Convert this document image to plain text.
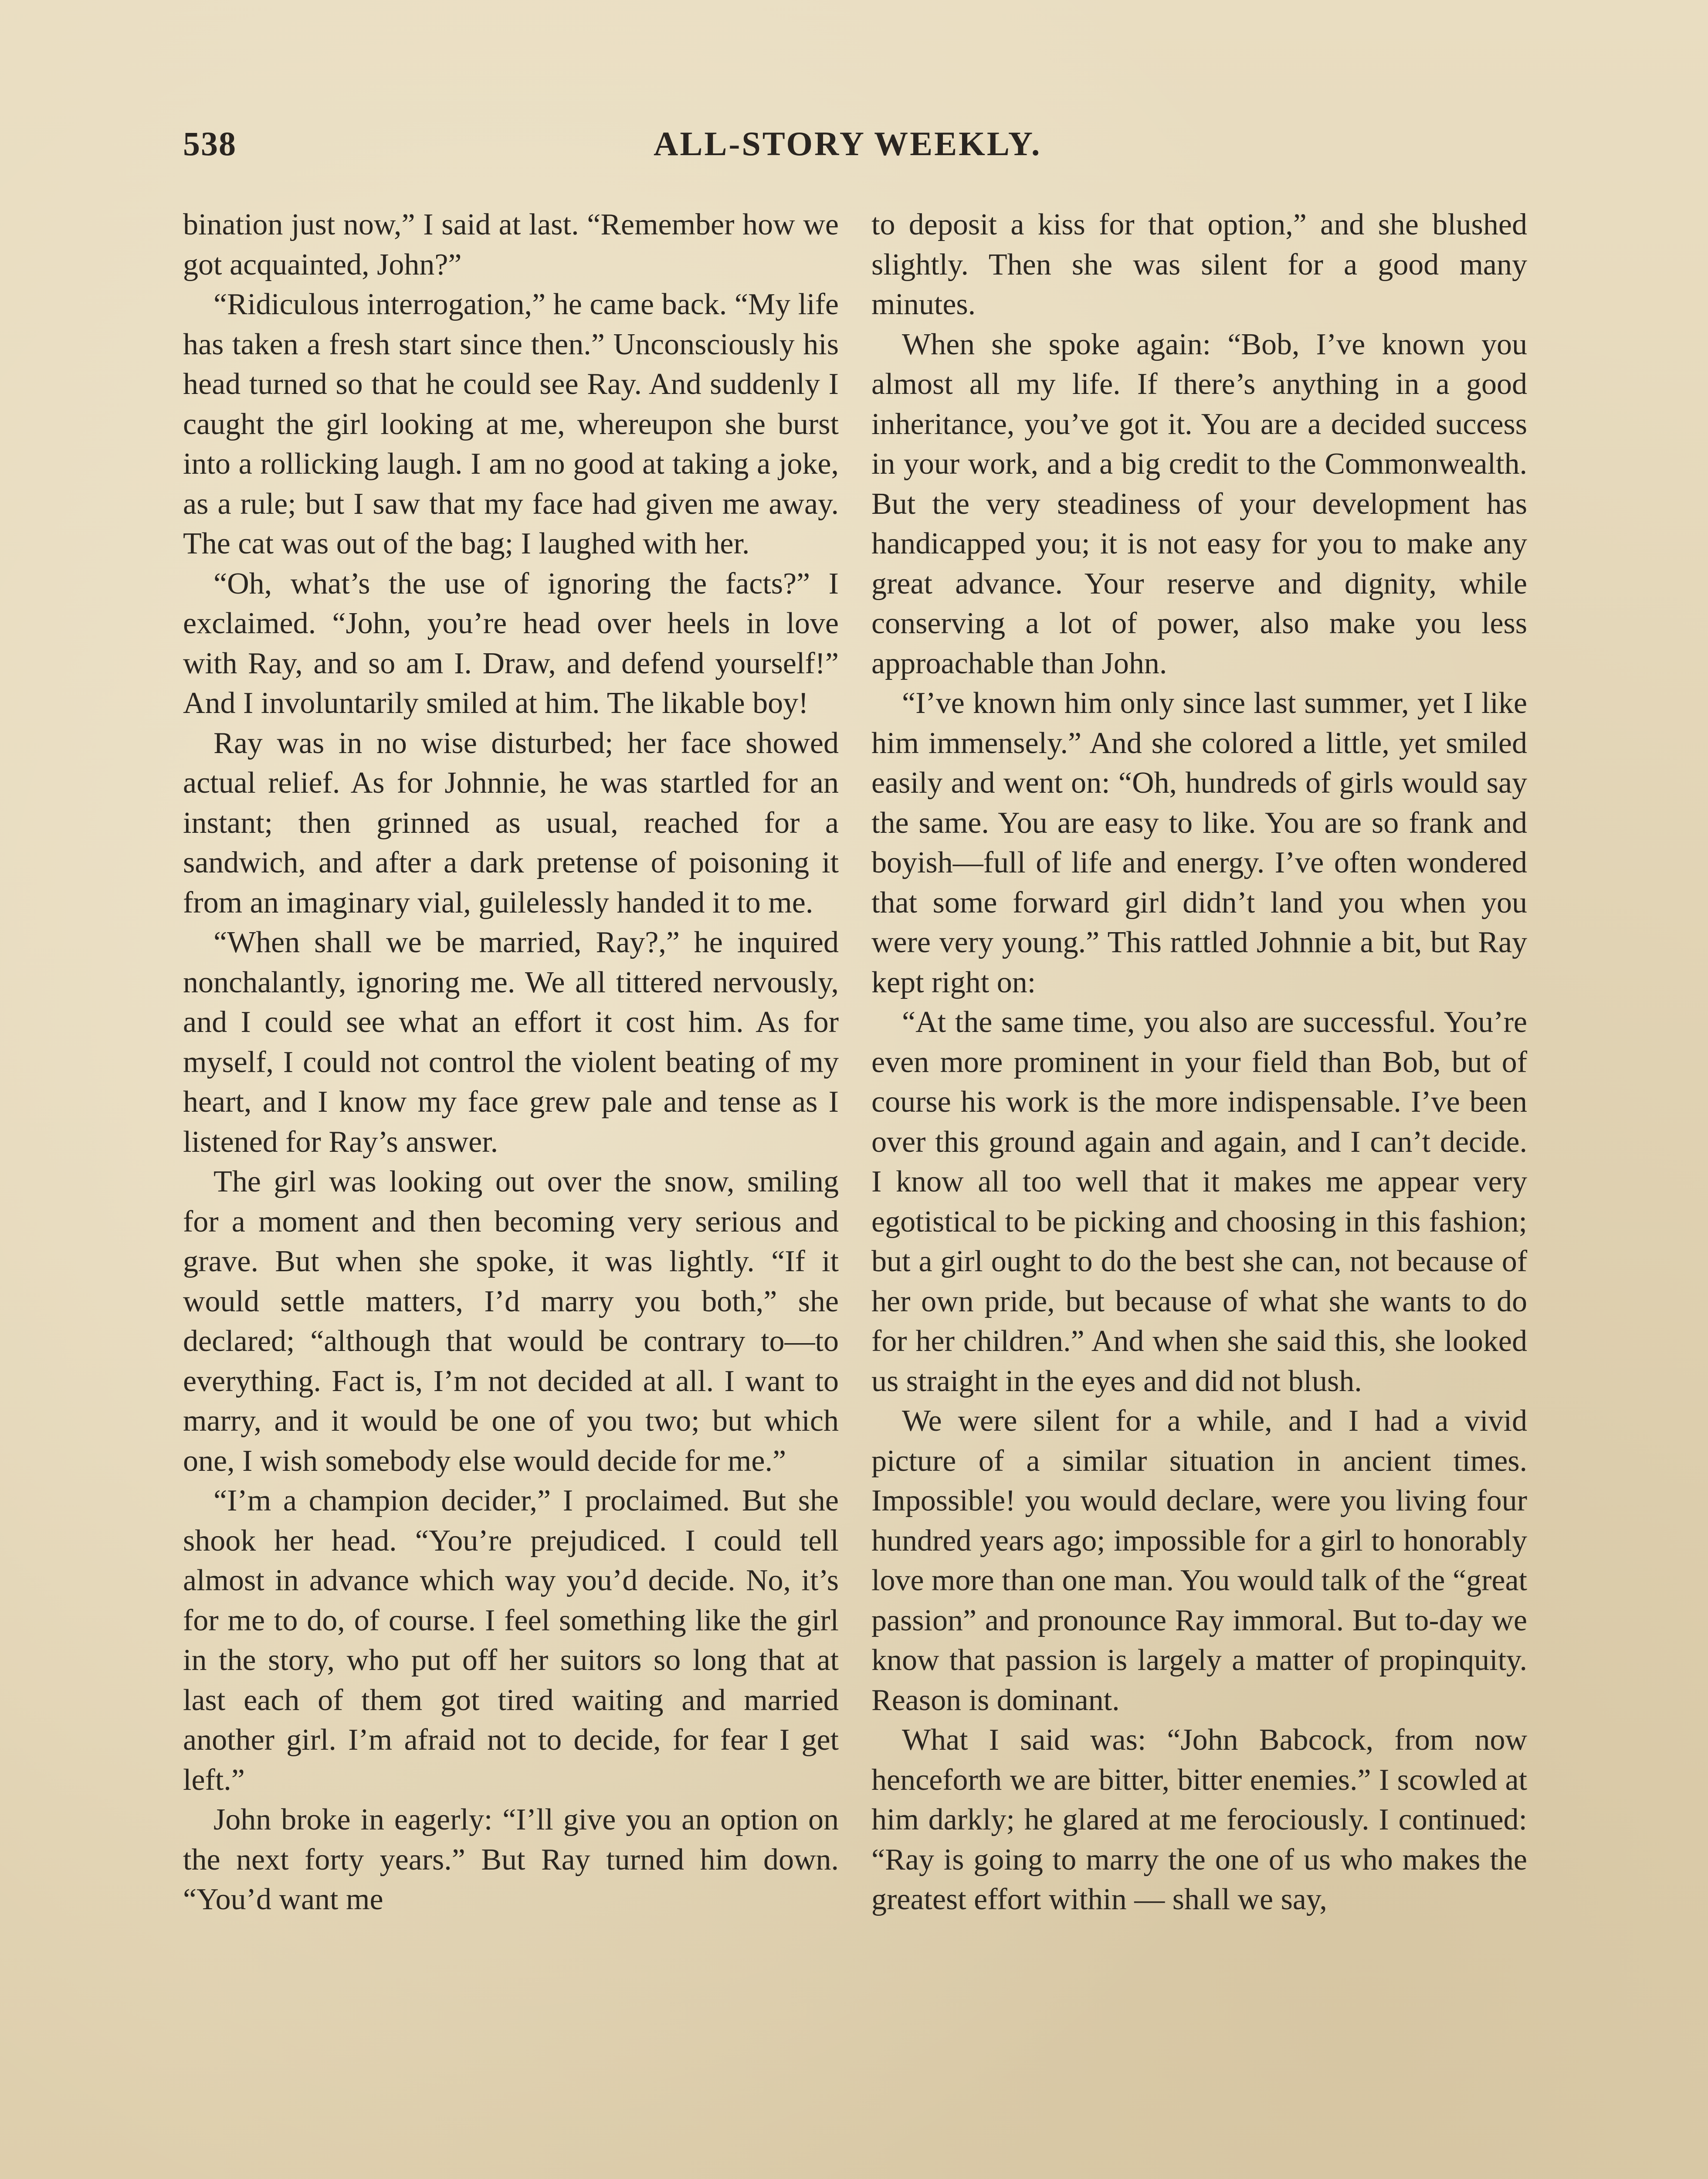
538	ALL-STORY WEEKLY.

bination just now,” I said at last. “Remember how we got acquainted, John?”

“Ridiculous interrogation,” he came back. “My life has taken a fresh start since then.” Unconsciously his head turned so that he could see Ray. And suddenly I caught the girl looking at me, whereupon she burst into a rollicking laugh. I am no good at taking a joke, as a rule; but I saw that my face had given me away. The cat was out of the bag; I laughed with her.

“Oh, what’s the use of ignoring the facts?” I exclaimed. “John, you’re head over heels in love with Ray, and so am I. Draw, and defend yourself!” And I involuntarily smiled at him. The likable boy!

Ray was in no wise disturbed; her face showed actual relief. As for Johnnie, he was startled for an instant; then grinned as usual, reached for a sandwich, and after a dark pretense of poisoning it from an imaginary vial, guilelessly handed it to me.

“When shall we be married, Ray?,” he inquired nonchalantly, ignoring me. We all tittered nervously, and I could see what an effort it cost him. As for myself, I could not control the violent beating of my heart, and I know my face grew pale and tense as I listened for Ray’s answer.

The girl was looking out over the snow, smiling for a moment and then becoming very serious and grave. But when she spoke, it was lightly. “If it would settle matters, I’d marry you both,” she declared; “although that would be contrary to—to everything. Fact is, I’m not decided at all. I want to marry, and it would be one of you two; but which one, I wish somebody else would decide for me.”

“I’m a champion decider,” I proclaimed. But she shook her head. “You’re prejudiced. I could tell almost in advance which way you’d decide. No, it’s for me to do, of course. I feel something like the girl in the story, who put off her suitors so long that at last each of them got tired waiting and married another girl. I’m afraid not to decide, for fear I get left.”

John broke in eagerly: “I’ll give you an option on the next forty years.” But Ray turned him down. “You’d want me

to deposit a kiss for that option,” and she blushed slightly. Then she was silent for a good many minutes.

When she spoke again: “Bob, I’ve known you almost all my life. If there’s anything in a good inheritance, you’ve got it. You are a decided success in your work, and a big credit to the Commonwealth. But the very steadiness of your development has handicapped you; it is not easy for you to make any great advance. Your reserve and dignity, while conserving a lot of power, also make you less approachable than John.

“I’ve known him only since last summer, yet I like him immensely.” And she colored a little, yet smiled easily and went on: “Oh, hundreds of girls would say the same. You are easy to like. You are so frank and boyish—full of life and energy. I’ve often wondered that some forward girl didn’t land you when you were very young.” This rattled Johnnie a bit, but Ray kept right on:

“At the same time, you also are successful. You’re even more prominent in your field than Bob, but of course his work is the more indispensable. I’ve been over this ground again and again, and I can’t decide. I know all too well that it makes me appear very egotistical to be picking and choosing in this fashion; but a girl ought to do the best she can, not because of her own pride, but because of what she wants to do for her children.” And when she said this, she looked us straight in the eyes and did not blush.

We were silent for a while, and I had a vivid picture of a similar situation in ancient times. Impossible! you would declare, were you living four hundred years ago; impossible for a girl to honorably love more than one man. You would talk of the “great passion” and pronounce Ray immoral. But to-day we know that passion is largely a matter of propinquity. Reason is dominant.

What I said was: “John Babcock, from now henceforth we are bitter, bitter enemies.” I scowled at him darkly; he glared at me ferociously. I continued: “Ray is going to marry the one of us who makes the greatest effort within — shall we say,
